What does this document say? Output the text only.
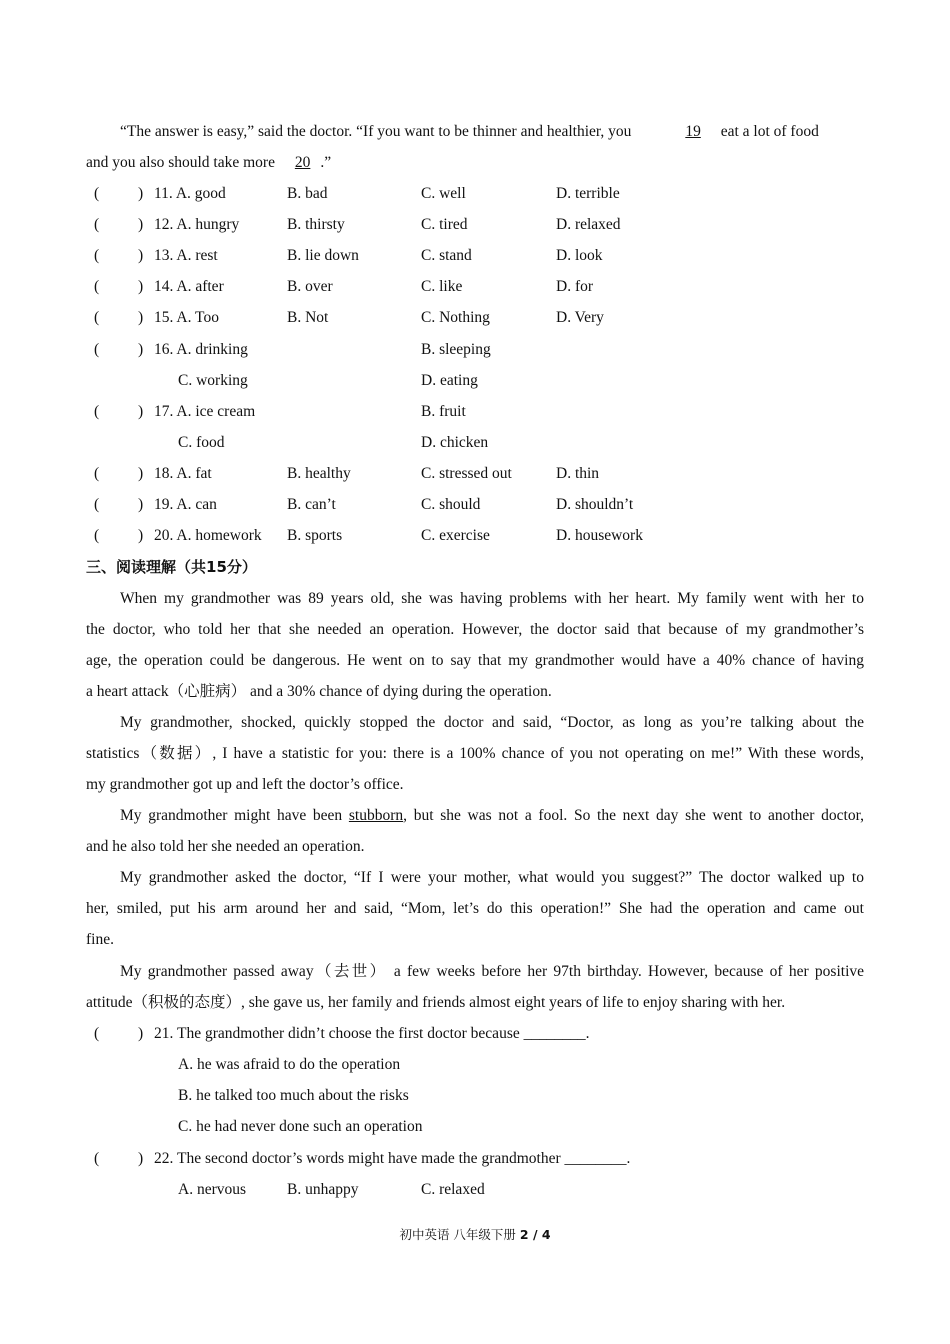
“The answer is easy,” said the doctor. “If you want to be thinner and healthier, you	19 eat a lot of food
and you also should take more 20 .”
(	) 11. A. good	B. bad	C. well	D. terrible
(	) 12. A. hungry	B. thirsty	C. tired	D. relaxed
(	) 13. A. rest	B. lie down	C. stand	D. look
(	) 14. A. after	B. over	C. like	D. for
(	) 15. A. Too	B. Not	C. Nothing	D. Very
(	) 16. A. drinking	B. sleeping
C. working	D. eating
(	) 17. A. ice cream	B. fruit
C. food	D. chicken
(	) 18. A. fat	B. healthy	C. stressed out	D. thin
(	) 19. A. can	B. can’t	C. should	D. shouldn’t
(	) 20. A. homework B. sports	C. exercise	D. housework
三、阅读理解（共15分）
When my grandmother was 89 years old, she was having problems with her heart. My family went with her to
the doctor, who told her that she needed an operation. However, the doctor said that because of my grandmother’s
age, the operation could be dangerous. He went on to say that my grandmother would have a 40% chance of having
a heart attack（心脏病） and a 30% chance of dying during the operation.
My grandmother, shocked, quickly stopped the doctor and said, “Doctor, as long as you’re talking about the
statistics（数据）, I have a statistic for you: there is a 100% chance of you not operating on me!” With these words,
my grandmother got up and left the doctor’s office.
My grandmother might have been stubborn, but she was not a fool. So the next day she went to another doctor,
and he also told her she needed an operation.
My grandmother asked the doctor, “If I were your mother, what would you suggest?” The doctor walked up to
her, smiled, put his arm around her and said, “Mom, let’s do this operation!” She had the operation and came out
fine.
My grandmother passed away（去世） a few weeks before her 97th birthday. However, because of her positive
attitude（积极的态度）, she gave us, her family and friends almost eight years of life to enjoy sharing with her.
(	) 21. The grandmother didn’t choose the first doctor because ________.
A. he was afraid to do the operation
B. he talked too much about the risks
C. he had never done such an operation
(	) 22. The second doctor’s words might have made the grandmother ________.
A. nervous	B. unhappy	C. relaxed
初中英语 八年级下册 2 / 4
